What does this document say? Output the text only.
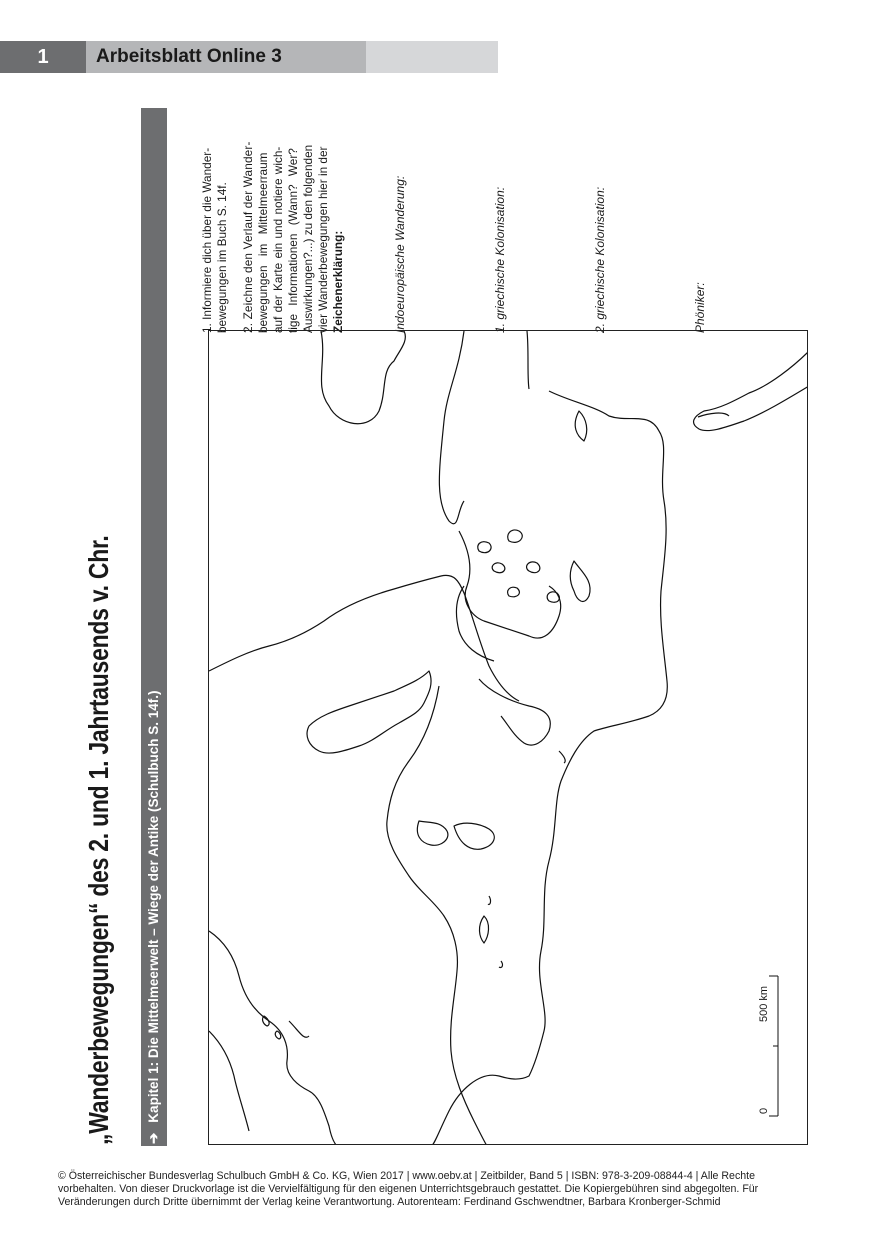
1	Arbeitsblatt Online 3
„Wanderbewegungen“ des 2. und 1. Jahrtausends v. Chr. ➔Kapitel 1: Die Mittelmeerwelt – Wiege der Antike (Schulbuch S. 14f.)
1. Informiere dich über die Wander- bewegungen im Buch S. 14f. 2. Zeichne den Verlauf der Wander- bewegungen im Mittelmeerraum auf der Karte ein und notiere wich- tige Informationen (Wann? Wer? Auswirkungen?...) zu den folgenden vier Wanderbewegungen hier in der Zeichenerklärung:	Indoeuropäische Wanderung:	1. griechische Kolonisation:	2. griechische Kolonisation:	Phöniker:
0
500 km
© Österreichischer Bundesverlag Schulbuch GmbH & Co. KG, Wien 2017 | www.oebv.at | Zeitbilder, Band 5 | ISBN: 978-3-209-08844-4 | Alle Rechte
vorbehalten. Von dieser Druckvorlage ist die Vervielfältigung für den eigenen Unterrichtsgebrauch gestattet. Die Kopiergebühren sind abgegolten. Für
Veränderungen durch Dritte übernimmt der Verlag keine Verantwortung. Autorenteam: Ferdinand Gschwendtner, Barbara Kronberger-Schmid
